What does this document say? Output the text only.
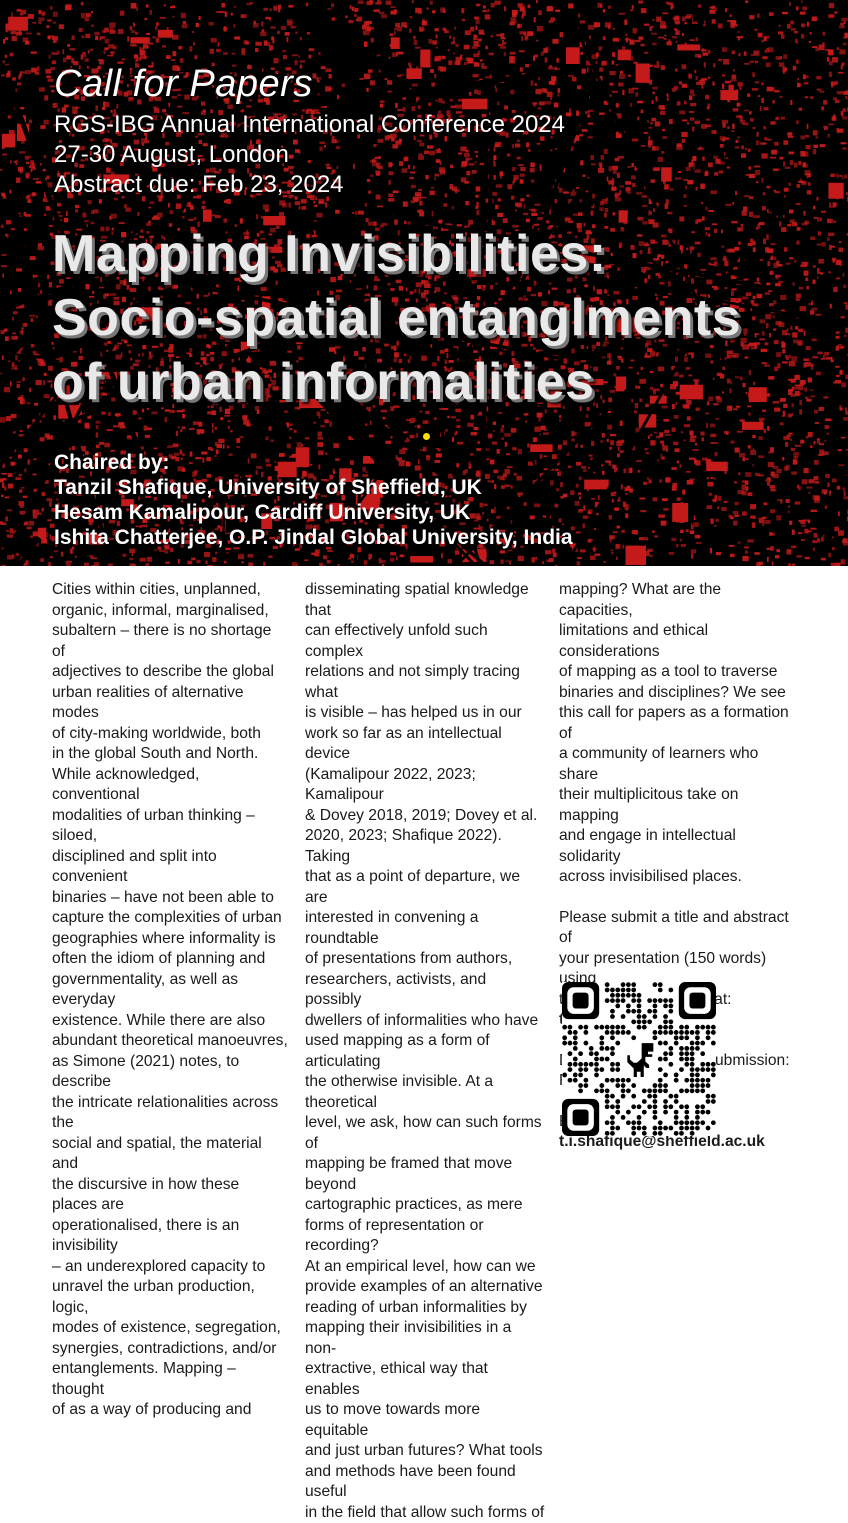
Call for Papers
RGS-IBG Annual International Conference 2024
27-30 August, London
Abstract due: Feb 23, 2024
Mapping Invisibilities:
Socio-spatial entanglments
of urban informalities
Chaired by:
Tanzil Shafique, University of Sheffield, UK
Hesam Kamalipour, Cardiff University, UK
Ishita Chatterjee, O.P. Jindal Global University, India

Cities within cities, unplanned,

organic, informal, marginalised,

subaltern – there is no shortage of

adjectives to describe the global

urban realities of alternative modes

of city-making worldwide, both

in the global South and North.

While acknowledged, conventional

modalities of urban thinking – siloed,

disciplined and split into convenient

binaries – have not been able to

capture the complexities of urban

geographies where informality is

often the idiom of planning and

governmentality, as well as everyday

existence. While there are also

abundant theoretical manoeuvres,

as Simone (2021) notes, to describe

the intricate relationalities across the

social and spatial, the material and

the discursive in how these places are

operationalised, there is an invisibility

– an underexplored capacity to

unravel the urban production, logic,

modes of existence, segregation,

synergies, contradictions, and/or

entanglements. Mapping – thought

of as a way of producing and

disseminating spatial knowledge that

can effectively unfold such complex

relations and not simply tracing what

is visible – has helped us in our

work so far as an intellectual device

(Kamalipour 2022, 2023; Kamalipour

& Dovey 2018, 2019; Dovey et al.

2020, 2023; Shafique 2022). Taking

that as a point of departure, we are

interested in convening a roundtable

of presentations from authors,

researchers, activists, and possibly

dwellers of informalities who have

used mapping as a form of articulating

the otherwise invisible. At a theoretical

level, we ask, how can such forms of

mapping be framed that move beyond

cartographic practices, as mere

forms of representation or recording?

At an empirical level, how can we

provide examples of an alternative

reading of urban informalities by

mapping their invisibilities in a non-

extractive, ethical way that enables

us to move towards more equitable

and just urban futures? What tools

and methods have been found useful

in the field that allow such forms of

mapping? What are the capacities,

limitations and ethical considerations

of mapping as a tool to traverse

binaries and disciplines? We see

this call for papers as a formation of

a community of learners who share

their multiplicitous take on mapping

and engage in intellectual solidarity

across invisibilised places.

Please submit a title and abstract of

your presentation (150 words) using

at:

submission:

t.i.shafique@sheffield.ac.uk
